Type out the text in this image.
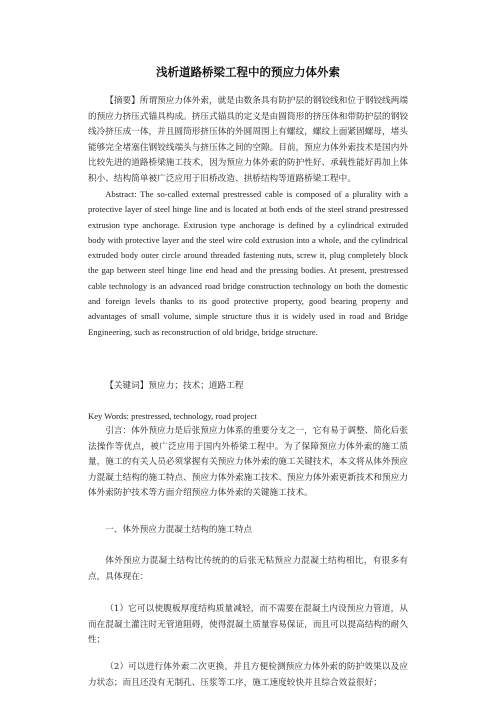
浅析道路桥梁工程中的预应力体外索

【摘要】所谓预应力体外索，就是由数条具有防护层的钢铰线和位于钢铰线两端的预应力挤压式锚具构成。挤压式锚具的定义是由圆筒形的挤压体和带防护层的钢铰线冷挤压成一体，并且圆筒形挤压体的外圆周围上有螺纹，螺纹上面紧固螺母，堵头能够完全堵塞住钢铰线端头与挤压体之间的空隙。目前，预应力体外索技术是国内外比较先进的道路桥梁施工技术，因为预应力体外索的防护性好、承载性能好再加上体积小、结构简单被广泛应用于旧桥改造、拱桥结构等道路桥梁工程中。

Abstract: The so-called external prestressed cable is composed of a plurality with a protective layer of steel hinge line and is located at both ends of the steel strand prestressed extrusion type anchorage. Extrusion type anchorage is defined by a cylindrical extruded body with protective layer and the steel wire cold extrusion into a whole, and the cylindrical extruded body outer circle around threaded fastening nuts, screw it, plug completely block the gap between steel hinge line end head and the pressing bodies. At present, prestressed cable technology is an advanced road bridge construction technology on both the domestic and foreign levels thanks to its good protective property, good bearing property and advantages of small volume, simple structure thus it is widely used in road and Bridge Engineering, such as reconstruction of old bridge, bridge structure.

【关键词】预应力；技术；道路工程

Key Words: prestressed, technology, road project

引言：体外预应力是后张预应力体系的重要分支之一，它有易于调整、简化后张法操作等优点，被广泛应用于国内外桥梁工程中。为了保障预应力体外索的施工质量，施工的有关人员必须掌握有关预应力体外索的施工关键技术，本文将从体外预应力混凝土结构的施工特点、预应力体外索施工技术、预应力体外索更新技术和预应力体外索防护技术等方面介绍预应力体外索的关键施工技术。

一、体外预应力混凝土结构的施工特点

体外预应力混凝土结构比传统的的后张无粘预应力混凝土结构相比，有很多有点，具体现在：

（1）它可以使腹板厚度结构质量减轻，而不需要在混凝土内设预应力管道，从而在混凝土灌注时无管道阻碍，使得混凝土质量容易保证，而且可以提高结构的耐久性；

（2）可以进行体外索二次更换，并且方便检测预应力体外索的防护效果以及应力状态；而且还没有无制孔、压浆等工序，施工速度较快并且综合效益很好；
